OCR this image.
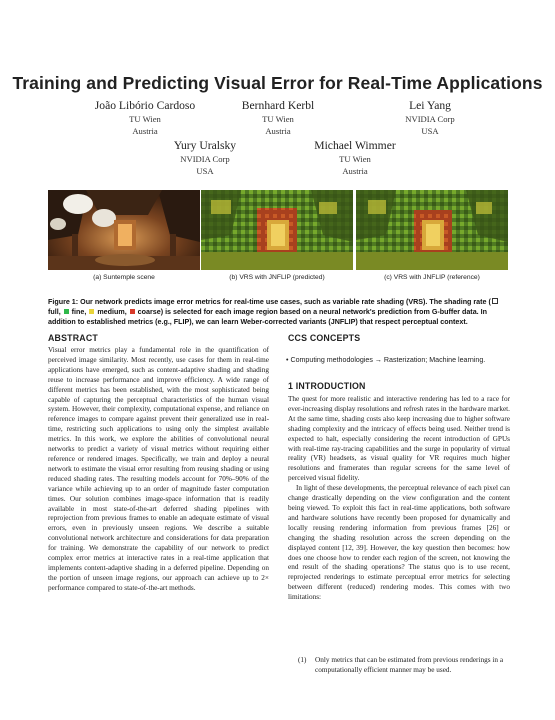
Training and Predicting Visual Error for Real-Time Applications
João Libório Cardoso
TU Wien
Austria
Bernhard Kerbl
TU Wien
Austria
Lei Yang
NVIDIA Corp
USA
Yury Uralsky
NVIDIA Corp
USA
Michael Wimmer
TU Wien
Austria
(a) Suntemple scene	(b) VRS with JNFLIP (predicted)	(c) VRS with JNFLIP (reference)
Figure 1: Our network predicts image error metrics for real-time use cases, such as variable rate shading (VRS). The shading rate ( full,  fine,  medium,  coarse) is selected for each image region based on a neural network's prediction from G-buffer data. In addition to established metrics (e.g., FLIP), we can learn Weber-corrected variants (JNFLIP) that respect perceptual context.
ABSTRACT

Visual error metrics play a fundamental role in the quantification of perceived image similarity. Most recently, use cases for them in real-time applications have emerged, such as content-adaptive shading and shading reuse to increase performance and improve efficiency. A wide range of different metrics has been established, with the most sophisticated being capable of capturing the perceptual characteristics of the human visual system. However, their complexity, computational expense, and reliance on reference images to compare against prevent their generalized use in real-time, restricting such applications to using only the simplest available metrics. In this work, we explore the abilities of convolutional neural networks to predict a variety of visual metrics without requiring either reference or rendered images. Specifically, we train and deploy a neural network to estimate the visual error resulting from reusing shading or using reduced shading rates. The resulting models account for 70%–90% of the variance while achieving up to an order of magnitude faster computation times. Our solution combines image-space information that is readily available in most state-of-the-art deferred shading pipelines with reprojection from previous frames to enable an adequate estimate of visual errors, even in previously unseen regions. We describe a suitable convolutional network architecture and considerations for data preparation for training. We demonstrate the capability of our network to predict complex error metrics at interactive rates in a real-time application that implements content-adaptive shading in a deferred pipeline. Depending on the portion of unseen image regions, our approach can achieve up to 2× performance compared to state-of-the-art methods.

CCS CONCEPTS
• Computing methodologies → Rasterization; Machine learning.
1 INTRODUCTION

The quest for more realistic and interactive rendering has led to a race for ever-increasing display resolutions and refresh rates in the hardware market. At the same time, shading costs also keep increasing due to higher software shading complexity and the intricacy of effects being used. Neither trend is expected to halt, especially considering the recent introduction of GPUs with real-time ray-tracing capabilities and the surge in popularity of virtual reality (VR) headsets, as visual quality for VR requires much higher resolutions and framerates than regular screens for the same level of perceived visual fidelity.

In light of these developments, the perceptual relevance of each pixel can change drastically depending on the view configuration and the content being viewed. To exploit this fact in real-time applications, both software and hardware solutions have recently been proposed for dynamically and locally reusing rendering information from previous frames [26] or changing the shading resolution across the screen depending on the displayed content [12, 39]. However, the key question then becomes: how does one choose how to render each region of the screen, not knowing the end result of the shading operations? The status quo is to use recent, reprojected renderings to estimate perceptual error metrics for selecting between different (reduced) rendering modes. This comes with two limitations:

(1) Only metrics that can be estimated from previous renderings in a computationally efficient manner may be used.
